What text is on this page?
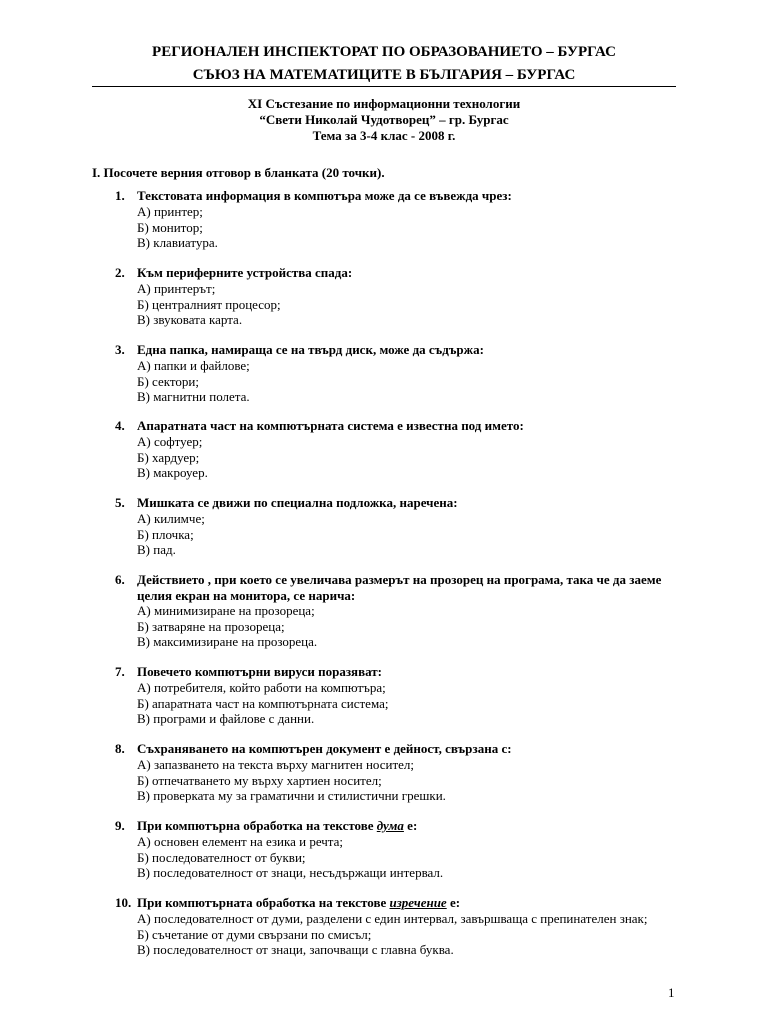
РЕГИОНАЛЕН ИНСПЕКТОРАТ ПО ОБРАЗОВАНИЕТО – БУРГАС
СЪЮЗ НА МАТЕМАТИЦИТЕ В БЪЛГАРИЯ – БУРГАС
XI Състезание по информационни технологии
“Свети Николай Чудотворец” – гр. Бургас
Тема за 3-4 клас - 2008 г.
I. Посочете верния отговор в бланката (20 точки).
1. Текстовата информация в компютъра може да се въвежда чрез:
А) принтер;
Б) монитор;
В) клавиатура.
2. Към периферните устройства спада:
А) принтерът;
Б) централният процесор;
В) звуковата карта.
3. Една папка, намираща се на твърд диск, може да съдържа:
А) папки и файлове;
Б) сектори;
В) магнитни полета.
4. Апаратната част на компютърната система е известна под името:
А) софтуер;
Б) хардуер;
В) макроуер.
5. Мишката се движи по специална подложка, наречена:
А) килимче;
Б) плочка;
В) пад.
6. Действието , при което се увеличава размерът на прозорец на програма, така че да заеме целия екран на монитора, се нарича:
А) минимизиране на прозореца;
Б) затваряне на прозореца;
В) максимизиране на прозореца.
7. Повечето компютърни вируси поразяват:
А) потребителя, който работи на компютъра;
Б) апаратната част на компютърната система;
В) програми и файлове с данни.
8. Съхраняването на компютърен документ е дейност, свързана с:
А) запазването на текста върху магнитен носител;
Б) отпечатването му върху хартиен носител;
В) проверката му за граматични и стилистични грешки.
9. При компютърна обработка на текстове дума е:
А) основен елемент на езика и речта;
Б) последователност от букви;
В) последователност от знаци, несъдържащи интервал.
10. При компютърната обработка на текстове изречение е:
А) последователност от думи, разделени с един интервал, завършваща с препинателен знак;
Б) съчетание от думи свързани по смисъл;
В) последователност от знаци, започващи с главна буква.
1
